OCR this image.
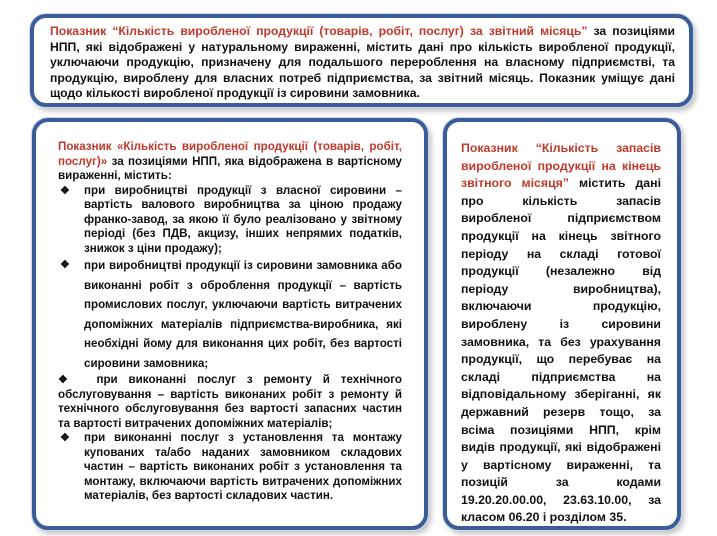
Показник “Кількість виробленої продукції (товарів, робіт, послуг) за звітний місяць” за позиціями НПП, які відображені у натуральному вираженні, містить дані про кількість виробленої продукції, уключаючи продукцію, призначену для подальшого перероблення на власному підприємстві, та продукцію, вироблену для власних потреб підприємства, за звітний місяць. Показник уміщує дані щодо кількості виробленої продукції із сировини замовника.

Показник «Кількість виробленої продукції (товарів, робіт, послуг)» за позиціями НПП, яка відображена в вартісному вираженні, містить:

❖ при виробництві продукції з власної сировини – вартість валового виробництва за ціною продажу франко-завод, за якою її було реалізовано у звітному періоді (без ПДВ, акцизу, інших непрямих податків, знижок з ціни продажу);
❖ при виробництві продукції із сировини замовника або виконанні робіт з оброблення продукції – вартість промислових послуг, уключаючи вартість витрачених допоміжних матеріалів підприємства-виробника, які необхідні йому для виконання цих робіт, без вартості сировини замовника;
❖ при виконанні послуг з ремонту й технічного обслуговування – вартість виконаних робіт з ремонту й технічного обслуговування без вартості запасних частин та вартості витрачених допоміжних матеріалів;
❖ при виконанні послуг з установлення та монтажу купованих та/або наданих замовником складових частин – вартість виконаних робіт з установлення та монтажу, включаючи вартість витрачених допоміжних матеріалів, без вартості складових частин.

Показник “Кількість запасів виробленої продукції на кінець звітного місяця” містить дані про кількість запасів виробленої підприємством продукції на кінець звітного періоду на складі готової продукції (незалежно від періоду виробництва), включаючи продукцію, вироблену із сировини замовника, та без урахування продукції, що перебуває на складі підприємства на відповідальному зберіганні, як державний резерв тощо, за всіма позиціями НПП, крім видів продукції, які відображені у вартісному вираженні, та позицій за кодами 19.20.20.00.00, 23.63.10.00, за класом 06.20 і розділом 35.
